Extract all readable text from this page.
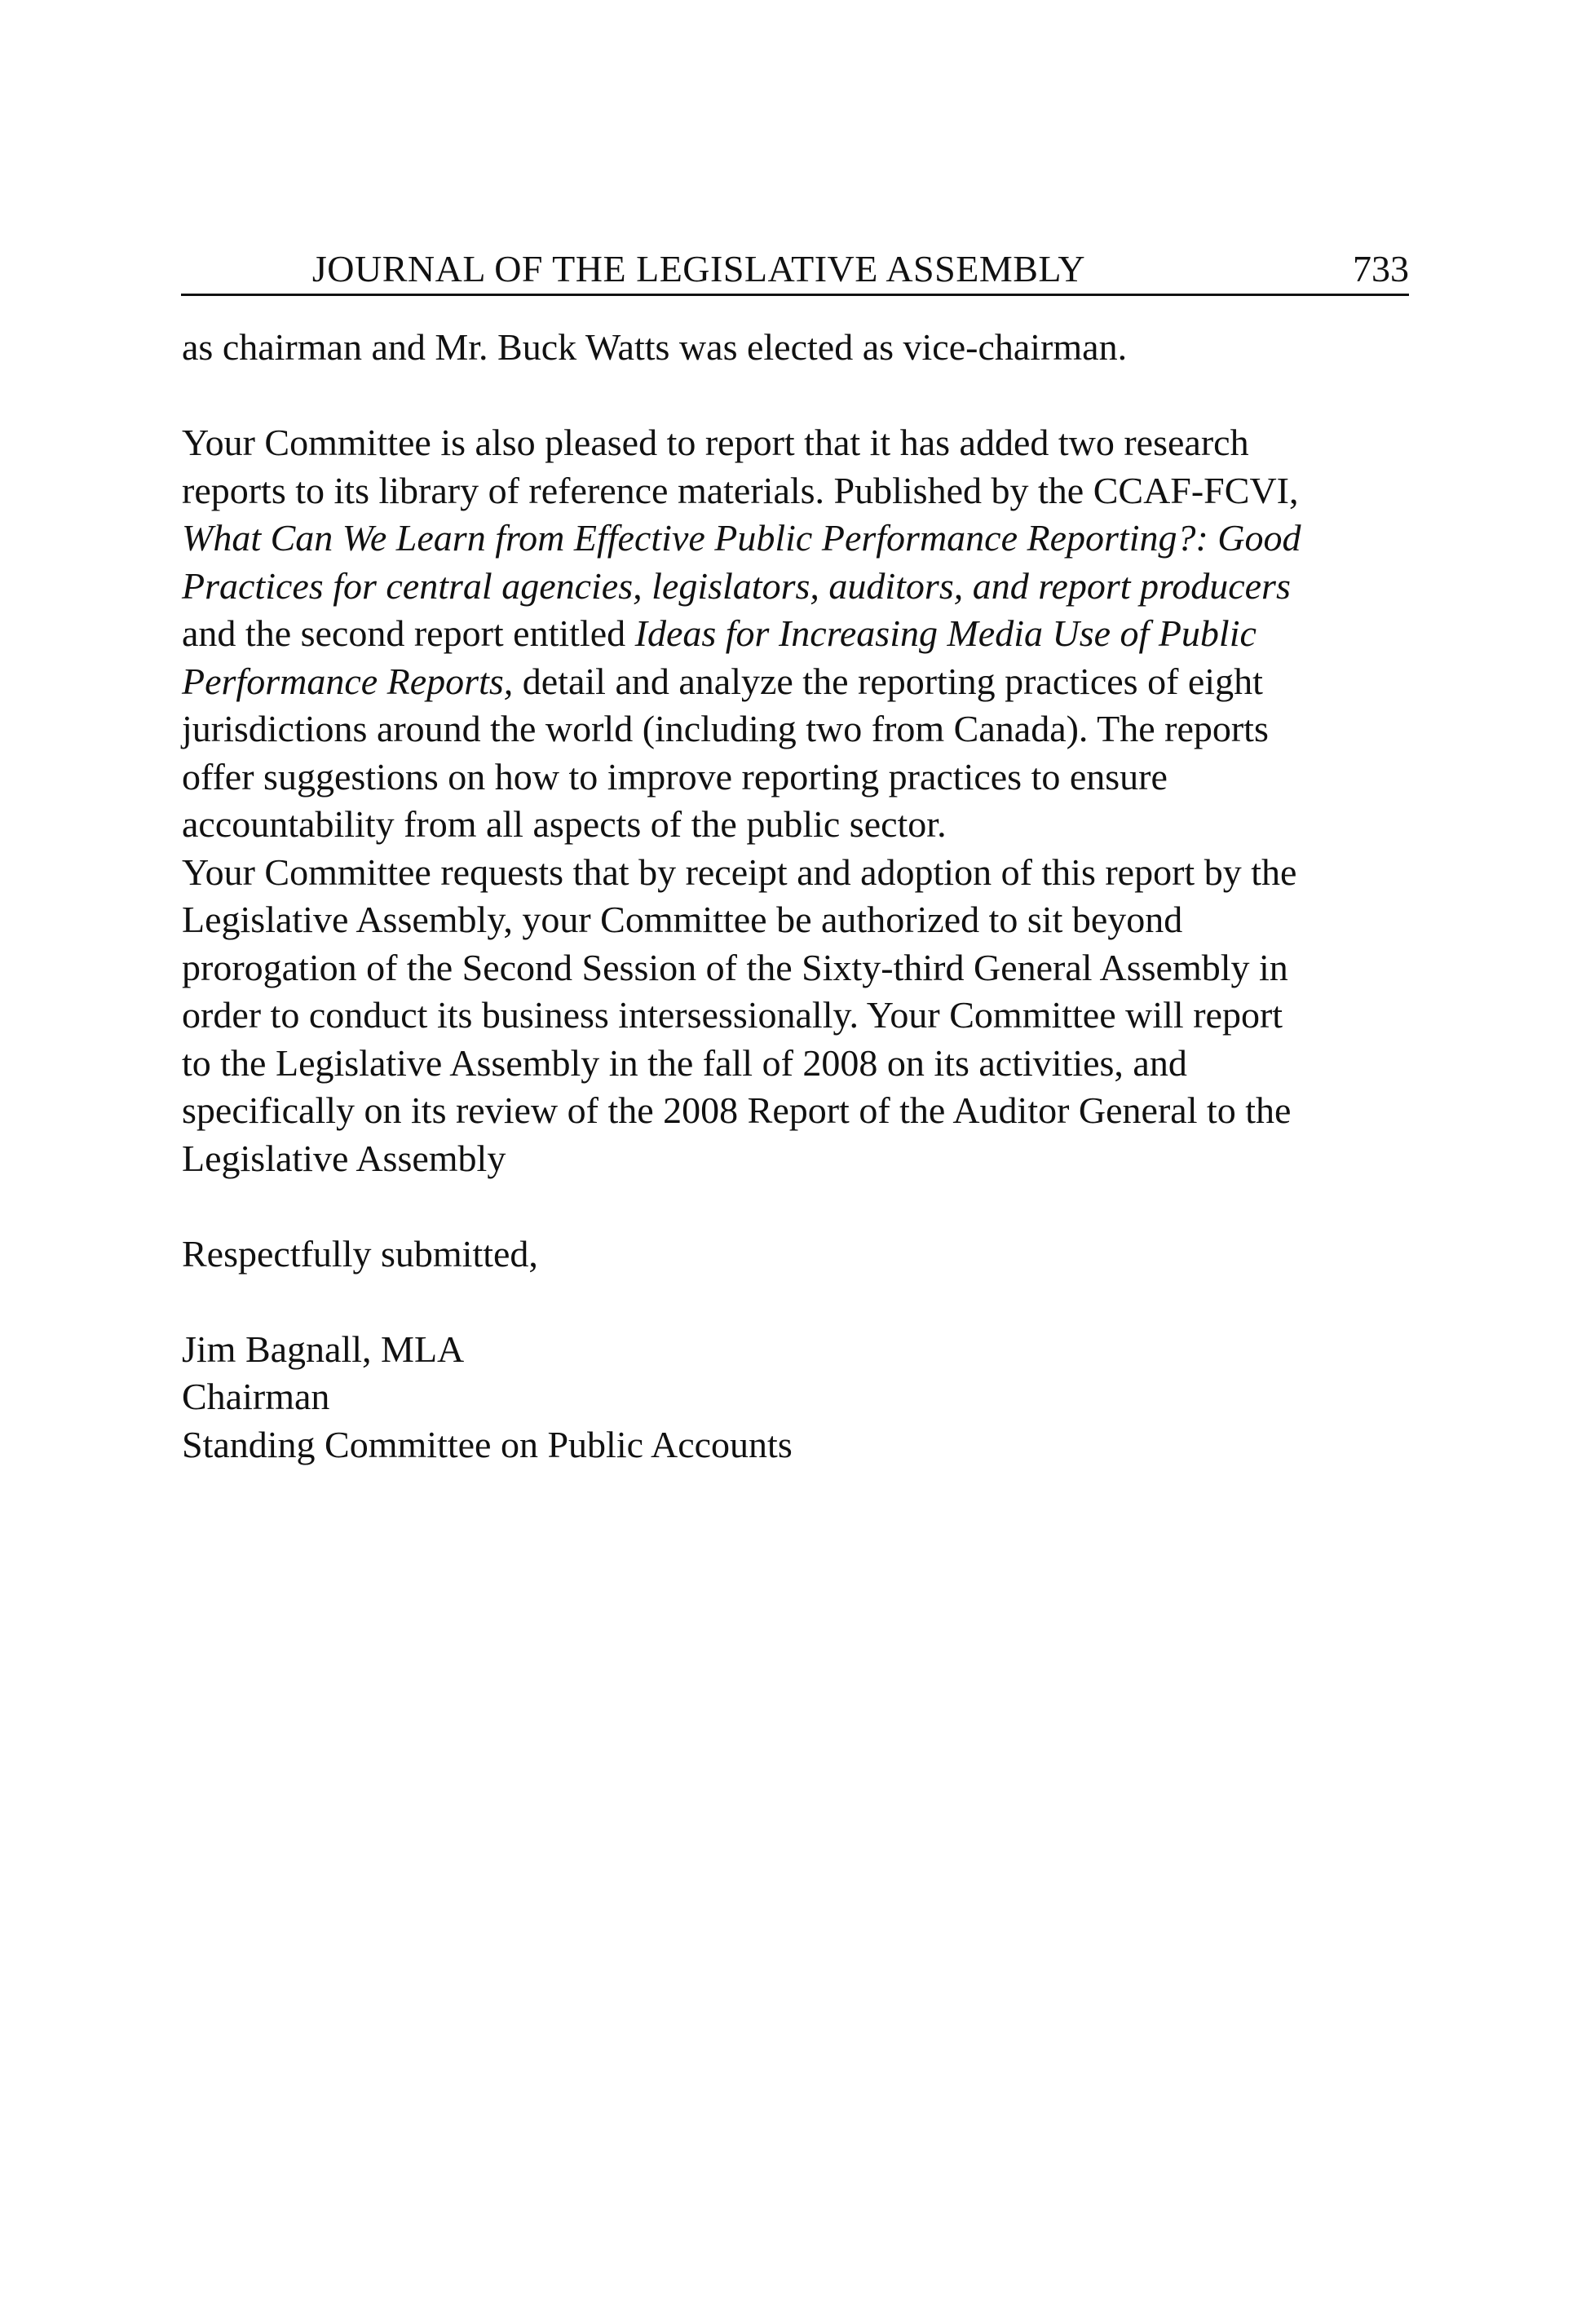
JOURNAL OF THE LEGISLATIVE ASSEMBLY	733
as chairman and Mr. Buck Watts was elected as vice-chairman.
Your Committee is also pleased to report that it has added two research
reports to its library of reference materials. Published by the CCAF-FCVI,
What Can We Learn from Effective Public Performance Reporting?: Good
Practices for central agencies, legislators, auditors, and report producers
and the second report entitled Ideas for Increasing Media Use of Public
Performance Reports, detail and analyze the reporting practices of eight
jurisdictions around the world (including two from Canada). The reports
offer suggestions on how to improve reporting practices to ensure
accountability from all aspects of the public sector.
Your Committee requests that by receipt and adoption of this report by the
Legislative Assembly, your Committee be authorized to sit beyond
prorogation of the Second Session of the Sixty-third General Assembly in
order to conduct its business intersessionally. Your Committee will report
to the Legislative Assembly in the fall of 2008 on its activities, and
specifically on its review of the 2008 Report of the Auditor General to the
Legislative Assembly
Respectfully submitted,
Jim Bagnall, MLA
Chairman
Standing Committee on Public Accounts
